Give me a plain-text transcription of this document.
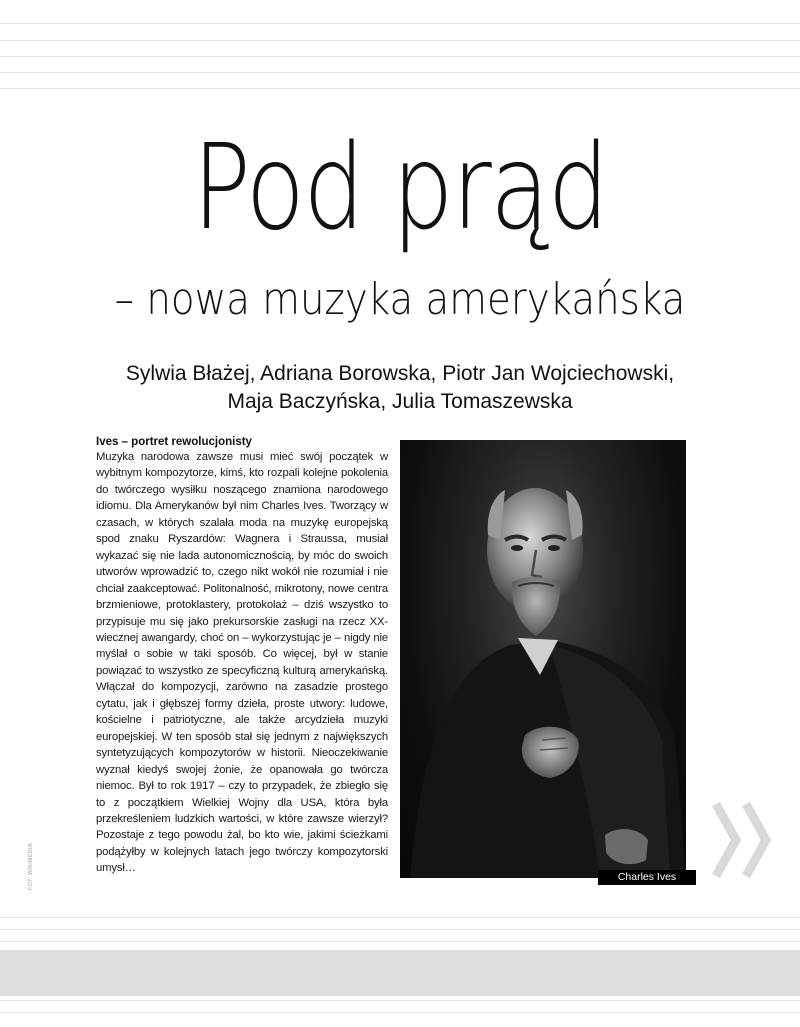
Pod prąd
– nowa muzyka amerykańska
Sylwia Błażej, Adriana Borowska, Piotr Jan Wojciechowski,
Maja Baczyńska, Julia Tomaszewska
Ives – portret rewolucjonisty

Muzyka narodowa zawsze musi mieć swój początek w wybitnym kompozytorze, kimś, kto rozpali kolejne pokolenia do twórczego wysiłku noszącego znamiona narodowego idiomu. Dla Amerykanów był nim Charles Ives. Tworzący w czasach, w których szalała moda na muzykę europejską spod znaku Ryszardów: Wagnera i Straussa, musiał wykazać się nie lada autonomicznością, by móc do swoich utworów wprowadzić to, czego nikt wokół nie rozumiał i nie chciał zaakceptować. Politonalność, mikrotony, nowe centra brzmieniowe, protoklastery, protokolaż – dziś wszystko to przypisuje mu się jako prekursorskie zasługi na rzecz XX-wiecznej awangardy, choć on – wykorzystując je – nigdy nie myślał o sobie w taki sposób. Co więcej, był w stanie powiązać to wszystko ze specyficzną kulturą amerykańską. Włączał do kompozycji, zarówno na zasadzie prostego cytatu, jak i głębszej formy dzieła, proste utwory: ludowe, kościelne i patriotyczne, ale także arcydzieła muzyki europejskiej. W ten sposób stał się jednym z największych syntetyzujących kompozytorów w historii. Nieoczekiwanie wyznał kiedyś swojej żonie, że opanowała go twórcza niemoc. Był to rok 1917 – czy to przypadek, że zbiegło się to z początkiem Wielkiej Wojny dla USA, która była przekreśleniem ludzkich wartości, w które zawsze wierzył? Pozostaje z tego powodu żal, bo kto wie, jakimi ścieżkami podążyłby w kolejnych latach jego twórczy kompozytorski umysł…

Charles Ives
FOT. WIKIMEDIA
